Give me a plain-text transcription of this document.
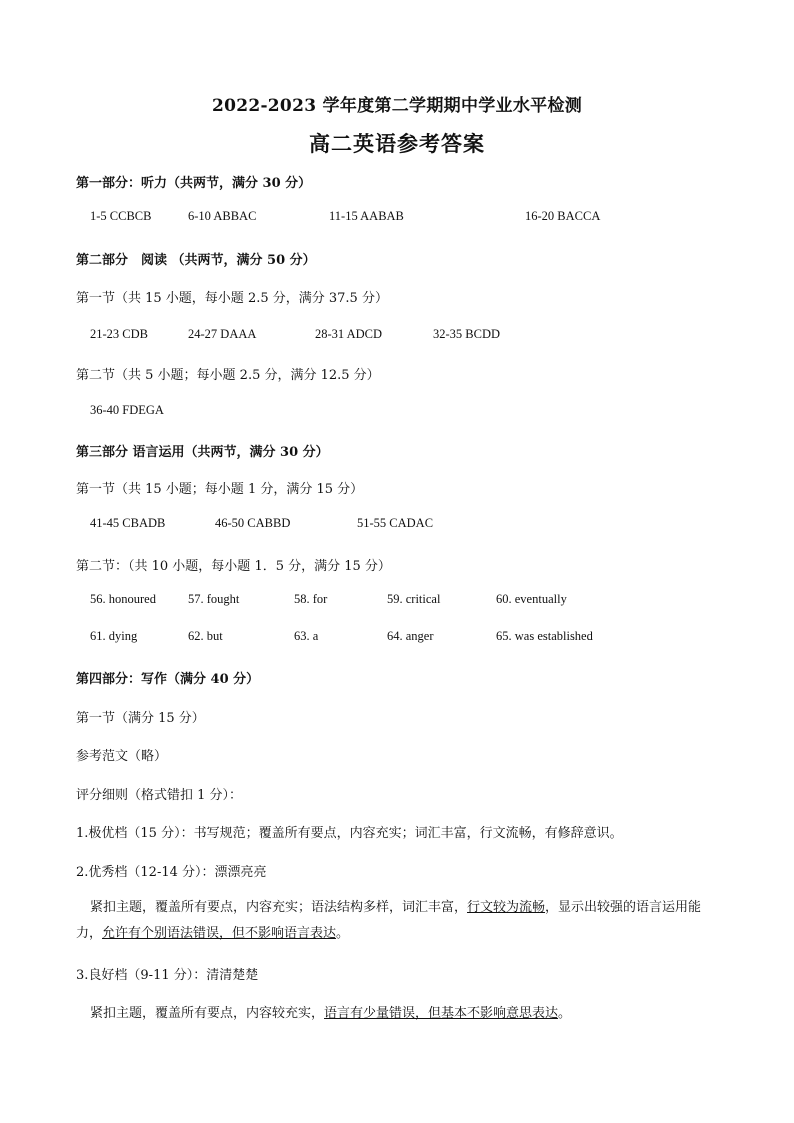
2022-2023 学年度第二学期期中学业水平检测
高二英语参考答案
第一部分：听力（共两节，满分 30 分）
1-5 CCBCB	6-10 ABBAC	11-15 AABAB	16-20 BACCA
第二部分　阅读 （共两节，满分 50 分）
第一节（共 15 小题，每小题 2.5 分，满分 37.5 分）
21-23 CDB	24-27 DAAA	28-31 ADCD	32-35 BCDD
第二节（共 5 小题；每小题 2.5 分，满分 12.5 分）
36-40 FDEGA
第三部分 语言运用（共两节，满分 30 分）
第一节（共 15 小题；每小题 1 分，满分 15 分）
41-45 CBADB	46-50 CABBD	51-55 CADAC
第二节：（共 10 小题，每小题 1．5 分，满分 15 分）
56. honoured	57. fought	58. for	59. critical	60. eventually
61. dying	62. but	63. a	64. anger	65. was established
第四部分：写作（满分 40 分）
第一节（满分 15 分）
参考范文（略）
评分细则（格式错扣 1 分）：
1.极优档（15 分）：书写规范；覆盖所有要点，内容充实；词汇丰富，行文流畅，有修辞意识。
2.优秀档（12-14 分）：漂漂亮亮
紧扣主题，覆盖所有要点，内容充实；语法结构多样，词汇丰富，行文较为流畅，显示出较强的语言运用能力，允许有个别语法错误，但不影响语言表达。
3.良好档（9-11 分）：清清楚楚
紧扣主题，覆盖所有要点，内容较充实，语言有少量错误，但基本不影响意思表达。
